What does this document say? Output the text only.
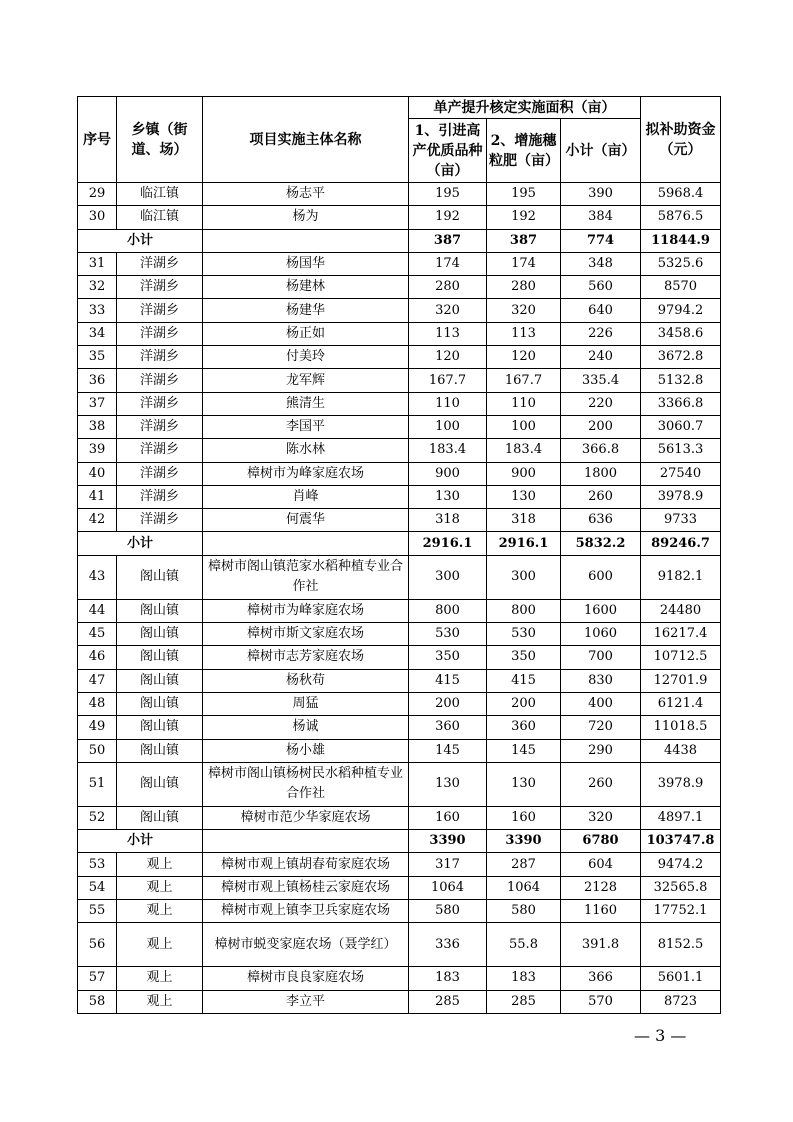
序号	乡镇（街道、场）	项目实施主体名称	单产提升核定实施面积（亩）			拟补助资金（元）
			1、引进高产优质品种（亩）	2、增施穗粒肥（亩）	小计（亩）	
29	临江镇	杨志平	195	195	390	5968.4
30	临江镇	杨为	192	192	384	5876.5
小计			387	387	774	11844.9
31	洋湖乡	杨国华	174	174	348	5325.6
32	洋湖乡	杨建林	280	280	560	8570
33	洋湖乡	杨建华	320	320	640	9794.2
34	洋湖乡	杨正如	113	113	226	3458.6
35	洋湖乡	付美玲	120	120	240	3672.8
36	洋湖乡	龙军辉	167.7	167.7	335.4	5132.8
37	洋湖乡	熊清生	110	110	220	3366.8
38	洋湖乡	李国平	100	100	200	3060.7
39	洋湖乡	陈水林	183.4	183.4	366.8	5613.3
40	洋湖乡	樟树市为峰家庭农场	900	900	1800	27540
41	洋湖乡	肖峰	130	130	260	3978.9
42	洋湖乡	何震华	318	318	636	9733
小计			2916.1	2916.1	5832.2	89246.7
43	阁山镇	樟树市阁山镇范家水稻种植专业合作社	300	300	600	9182.1
44	阁山镇	樟树市为峰家庭农场	800	800	1600	24480
45	阁山镇	樟树市斯文家庭农场	530	530	1060	16217.4
46	阁山镇	樟树市志芳家庭农场	350	350	700	10712.5
47	阁山镇	杨秋苟	415	415	830	12701.9
48	阁山镇	周猛	200	200	400	6121.4
49	阁山镇	杨诚	360	360	720	11018.5
50	阁山镇	杨小雄	145	145	290	4438
51	阁山镇	樟树市阁山镇杨树民水稻种植专业合作社	130	130	260	3978.9
52	阁山镇	樟树市范少华家庭农场	160	160	320	4897.1
小计			3390	3390	6780	103747.8
53	观上	樟树市观上镇胡春荀家庭农场	317	287	604	9474.2
54	观上	樟树市观上镇杨桂云家庭农场	1064	1064	2128	32565.8
55	观上	樟树市观上镇李卫兵家庭农场	580	580	1160	17752.1
56	观上	樟树市蜕变家庭农场（聂学红）	336	55.8	391.8	8152.5
57	观上	樟树市良良家庭农场	183	183	366	5601.1
58	观上	李立平	285	285	570	8723
— 3 —
